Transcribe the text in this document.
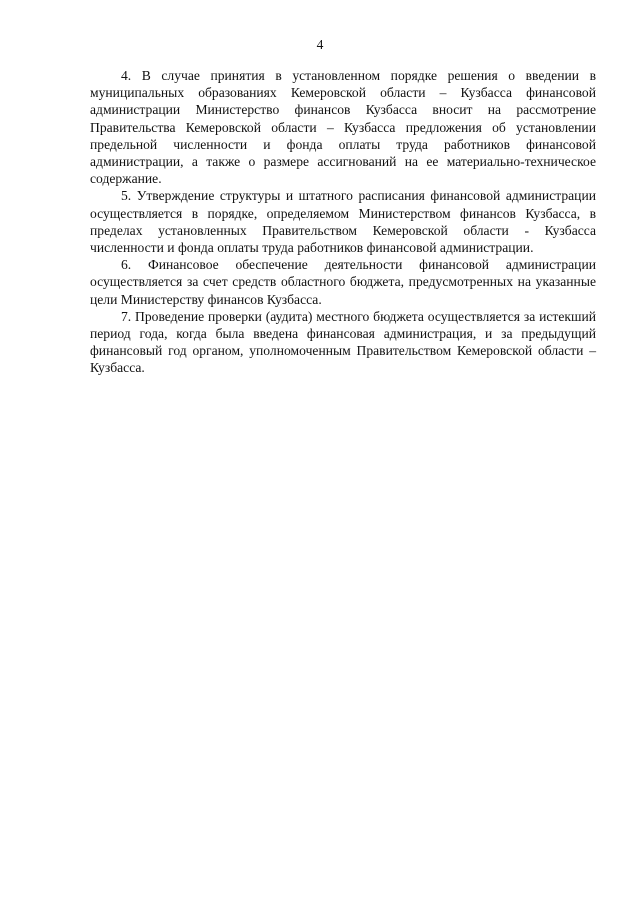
4

4. В случае принятия в установленном порядке решения о введении в муниципальных образованиях Кемеровской области – Кузбасса финансовой администрации Министерство финансов Кузбасса вносит на рассмотрение Правительства Кемеровской области – Кузбасса предложения об установлении предельной численности и фонда оплаты труда работников финансовой администрации, а также о размере ассигнований на ее материально-техническое содержание.

5. Утверждение структуры и штатного расписания финансовой администрации осуществляется в порядке, определяемом Министерством финансов Кузбасса, в пределах установленных Правительством Кемеровской области - Кузбасса численности и фонда оплаты труда работников финансовой администрации.

6. Финансовое обеспечение деятельности финансовой администрации осуществляется за счет средств областного бюджета, предусмотренных на указанные цели Министерству финансов Кузбасса.

7. Проведение проверки (аудита) местного бюджета осуществляется за истекший период года, когда была введена финансовая администрация, и за предыдущий финансовый год органом, уполномоченным Правительством Кемеровской области – Кузбасса.
